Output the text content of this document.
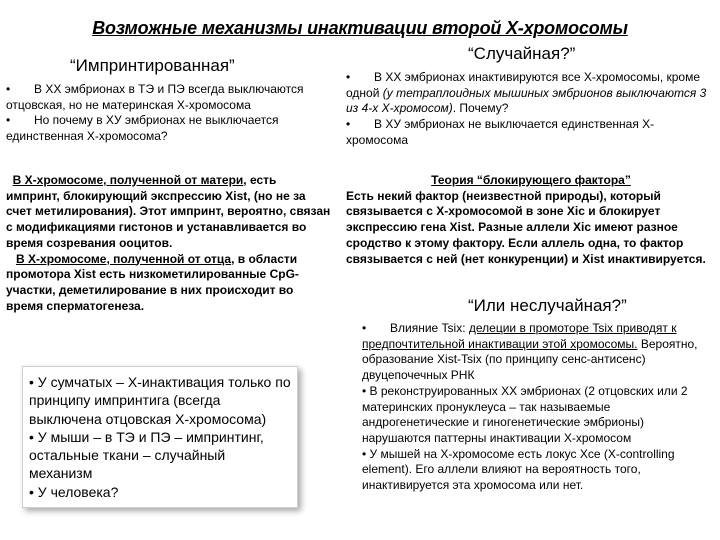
Возможные механизмы инактивации второй Х-хромосомы
“Импринтированная”

• В ХХ эмбрионах в ТЭ и ПЭ всегда выключаются отцовская, но не материнская Х-хромосома

• Но почему в ХУ эмбрионах не выключается единственная Х-хромосома?

В Х-хромосоме, полученной от матери, есть импринт, блокирующий экспрессию Xist, (но не за счет метилирования). Этот импринт, вероятно, связан с модификациями гистонов и устанавливается во время созревания ооцитов.

В Х-хромосоме, полученной от отца, в области промотора Xist есть низкометилированные CpG-участки, деметилирование в них происходит во время сперматогенеза.

• У сумчатых – Х-инактивация только по принципу импринтига (всегда выключена отцовская Х-хромосома)

• У мыши – в ТЭ и ПЭ – импринтинг, остальные ткани – случайный механизм

• У человека?

“Случайная?”

• В ХХ эмбрионах инактивируются все Х-хромосомы, кроме одной (у тетраплоидных мышиных эмбрионов выключаются 3 из 4-х Х-хромосом). Почему?

• В ХУ эмбрионах не выключается единственная Х-хромосома

Теория “блокирующего фактора”

Есть некий фактор (неизвестной природы), который связывается с Х-хромосомой в зоне Xic и блокирует экспрессию гена Xist. Разные аллели Xic имеют разное сродство к этому фактору. Если аллель одна, то фактор связывается с ней (нет конкуренции) и Xist инактивируется.

“Или неслучайная?”

• Влияние Tsix: делеции в промоторе Tsix приводят к предпочтительной инактивации этой хромосомы. Вероятно, образование Xist-Tsix (по принципу сенс-антисенс) двуцепочечных РНК

• В реконструированных ХХ эмбрионах (2 отцовских или 2 материнских пронуклеуса – так называемые андрогенетические и гиногенетические эмбрионы) нарушаются паттерны инактивации Х-хромосом

• У мышей на Х-хромосоме есть локус Хce (X-controlling element). Его аллели влияют на вероятность того, инактивируется эта хромосома или нет.
